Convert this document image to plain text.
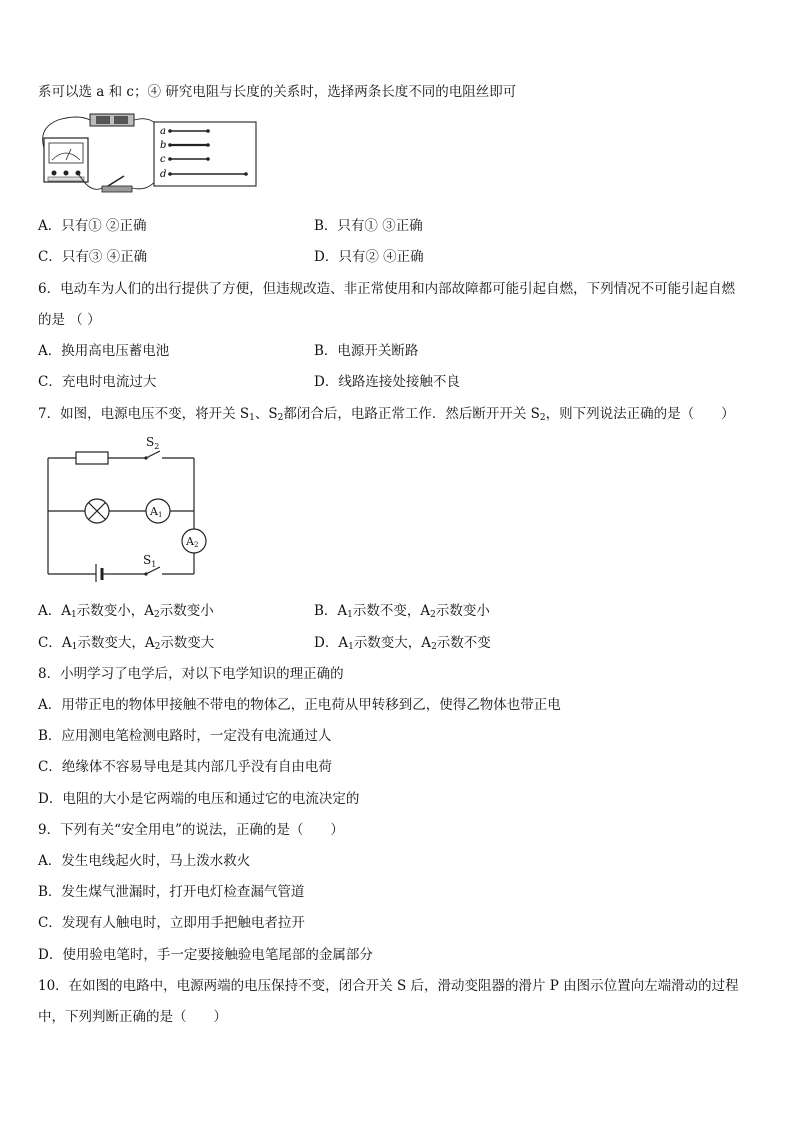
系可以选 a 和 c；④ 研究电阻与长度的关系时，选择两条长度不同的电阻丝即可
a
b
c
d
A．只有① ②正确	B．只有① ③正确
C．只有③ ④正确	D．只有② ④正确
6．电动车为人们的出行提供了方便，但违规改造、非正常使用和内部故障都可能引起自燃，下列情况不可能引起自燃
的是 （ ）
A．换用高电压蓄电池	B．电源开关断路
C．充电时电流过大	D．线路连接处接触不良
7．如图，电源电压不变，将开关 $S_1$、$S_2$都闭合后，电路正常工作．然后断开开关 $S_2$，则下列说法正确的是（　　）
$S_2$
$S_1$
A1
A2
A．$A_1$示数变小，$A_2$示数变小	B．$A_1$示数不变，$A_2$示数变小
C．$A_1$示数变大，$A_2$示数变大	D．$A_1$示数变大，$A_2$示数不变
8．小明学习了电学后，对以下电学知识的理正确的
A．用带正电的物体甲接触不带电的物体乙，正电荷从甲转移到乙，使得乙物体也带正电
B．应用测电笔检测电路时，一定没有电流通过人
C．绝缘体不容易导电是其内部几乎没有自由电荷
D．电阻的大小是它两端的电压和通过它的电流决定的
9．下列有关“安全用电”的说法，正确的是（　　）
A．发生电线起火时，马上泼水救火
B．发生煤气泄漏时，打开电灯检查漏气管道
C．发现有人触电时，立即用手把触电者拉开
D．使用验电笔时，手一定要接触验电笔尾部的金属部分
10．在如图的电路中，电源两端的电压保持不变，闭合开关 S 后，滑动变阻器的滑片 P 由图示位置向左端滑动的过程
中，下列判断正确的是（　　）
